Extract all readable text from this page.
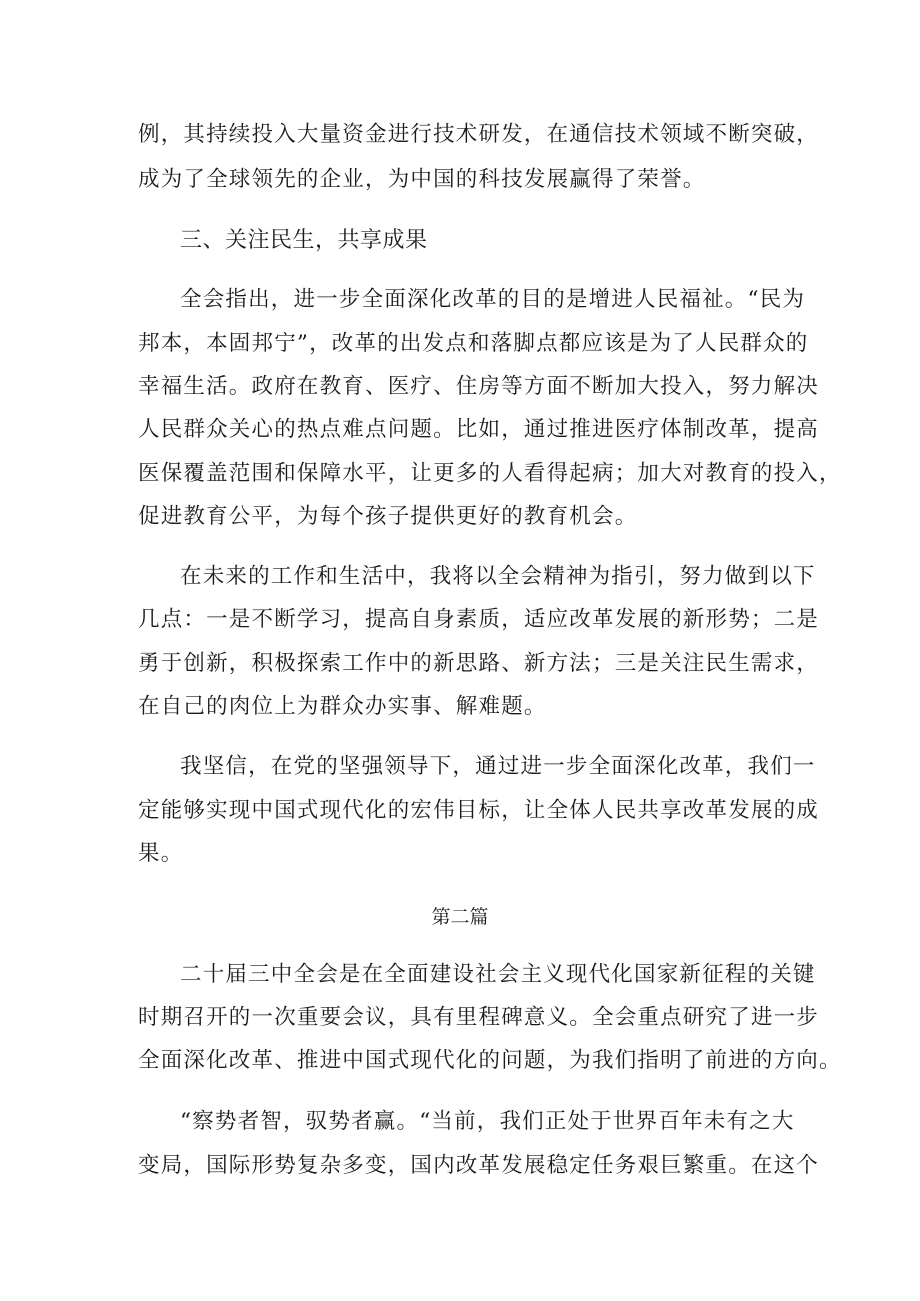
例，其持续投入大量资金进行技术研发，在通信技术领域不断突破，
成为了全球领先的企业，为中国的科技发展赢得了荣誉。
三、关注民生，共享成果
全会指出，进一步全面深化改革的目的是增进人民福祉。“民为
邦本，本固邦宁”，改革的出发点和落脚点都应该是为了人民群众的
幸福生活。政府在教育、医疗、住房等方面不断加大投入，努力解决
人民群众关心的热点难点问题。比如，通过推进医疗体制改革，提高
医保覆盖范围和保障水平，让更多的人看得起病；加大对教育的投入，
促进教育公平，为每个孩子提供更好的教育机会。
在未来的工作和生活中，我将以全会精神为指引，努力做到以下
几点：一是不断学习，提高自身素质，适应改革发展的新形势；二是
勇于创新，积极探索工作中的新思路、新方法；三是关注民生需求，
在自己的肉位上为群众办实事、解难题。
我坚信，在党的坚强领导下，通过进一步全面深化改革，我们一
定能够实现中国式现代化的宏伟目标，让全体人民共享改革发展的成
果。
第二篇
二十届三中全会是在全面建设社会主义现代化国家新征程的关键
时期召开的一次重要会议，具有里程碑意义。全会重点研究了进一步
全面深化改革、推进中国式现代化的问题，为我们指明了前进的方向。
“察势者智，驭势者赢。“当前，我们正处于世界百年未有之大
变局，国际形势复杂多变，国内改革发展稳定任务艰巨繁重。在这个
